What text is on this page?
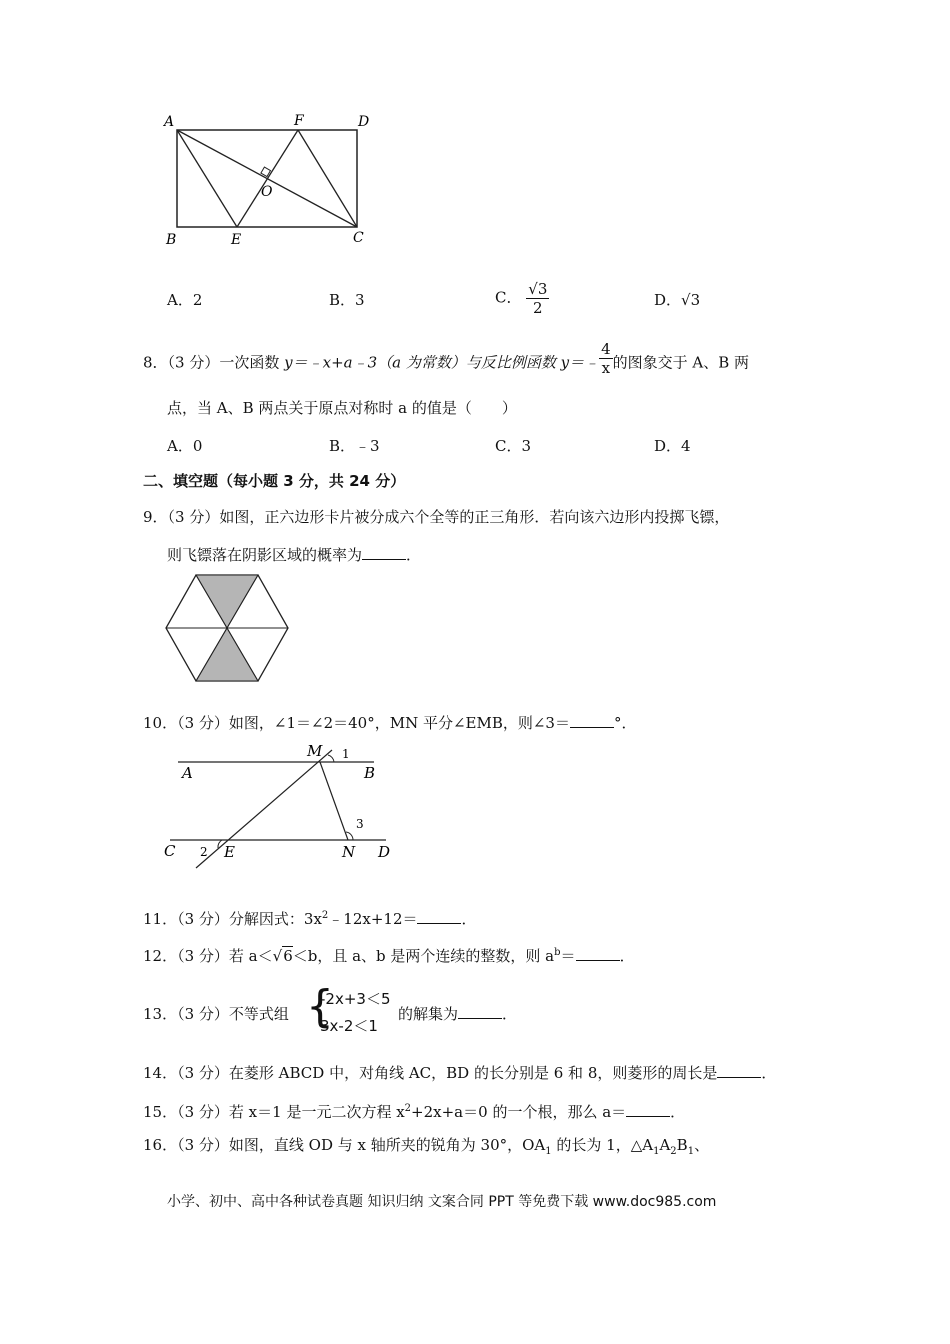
A	F	D
O
B	E	C
A．2	B．3	C． $\frac{√3}{2}$	D．√3
8．（3 分）一次函数 y＝﹣x+a﹣3（a 为常数）与反比例函数 y＝﹣ $\frac{4}{x}$ 的图象交于 A、B 两
点，当 A、B 两点关于原点对称时 a 的值是（　　）
A．0	B．﹣3	C．3	D．4
二、填空题（每小题 3 分，共 24 分）
9．（3 分）如图，正六边形卡片被分成六个全等的正三角形．若向该六边形内投掷飞镖，
则飞镖落在阴影区域的概率为	．
10．（3 分）如图，∠1＝∠2＝40°，MN 平分∠EMB，则∠3＝	°．
M 1
A	B
3
C 2 E	N D
11．（3 分）分解因式：$3x^2﹣12x+12=$	．
12．（3 分）若 a＜√6＜b，且 a、b 是两个连续的整数，则 $a^b=$	．
13．（3 分）不等式组 {
-2x+3＜5
3x-2＜1
的解集为	．
14．（3 分）在菱形 ABCD 中，对角线 AC，BD 的长分别是 6 和 8，则菱形的周长是	．
15．（3 分）若 x＝1 是一元二次方程 $x^2+2x+a=0$ 的一个根，那么 a＝	．
16．（3 分）如图，直线 OD 与 x 轴所夹的锐角为 30°，$OA_1$ 的长为 1，$\triangle A_1A_2B_1$、
小学、初中、高中各种试卷真题 知识归纳 文案合同 PPT 等免费下载 www.doc985.com
